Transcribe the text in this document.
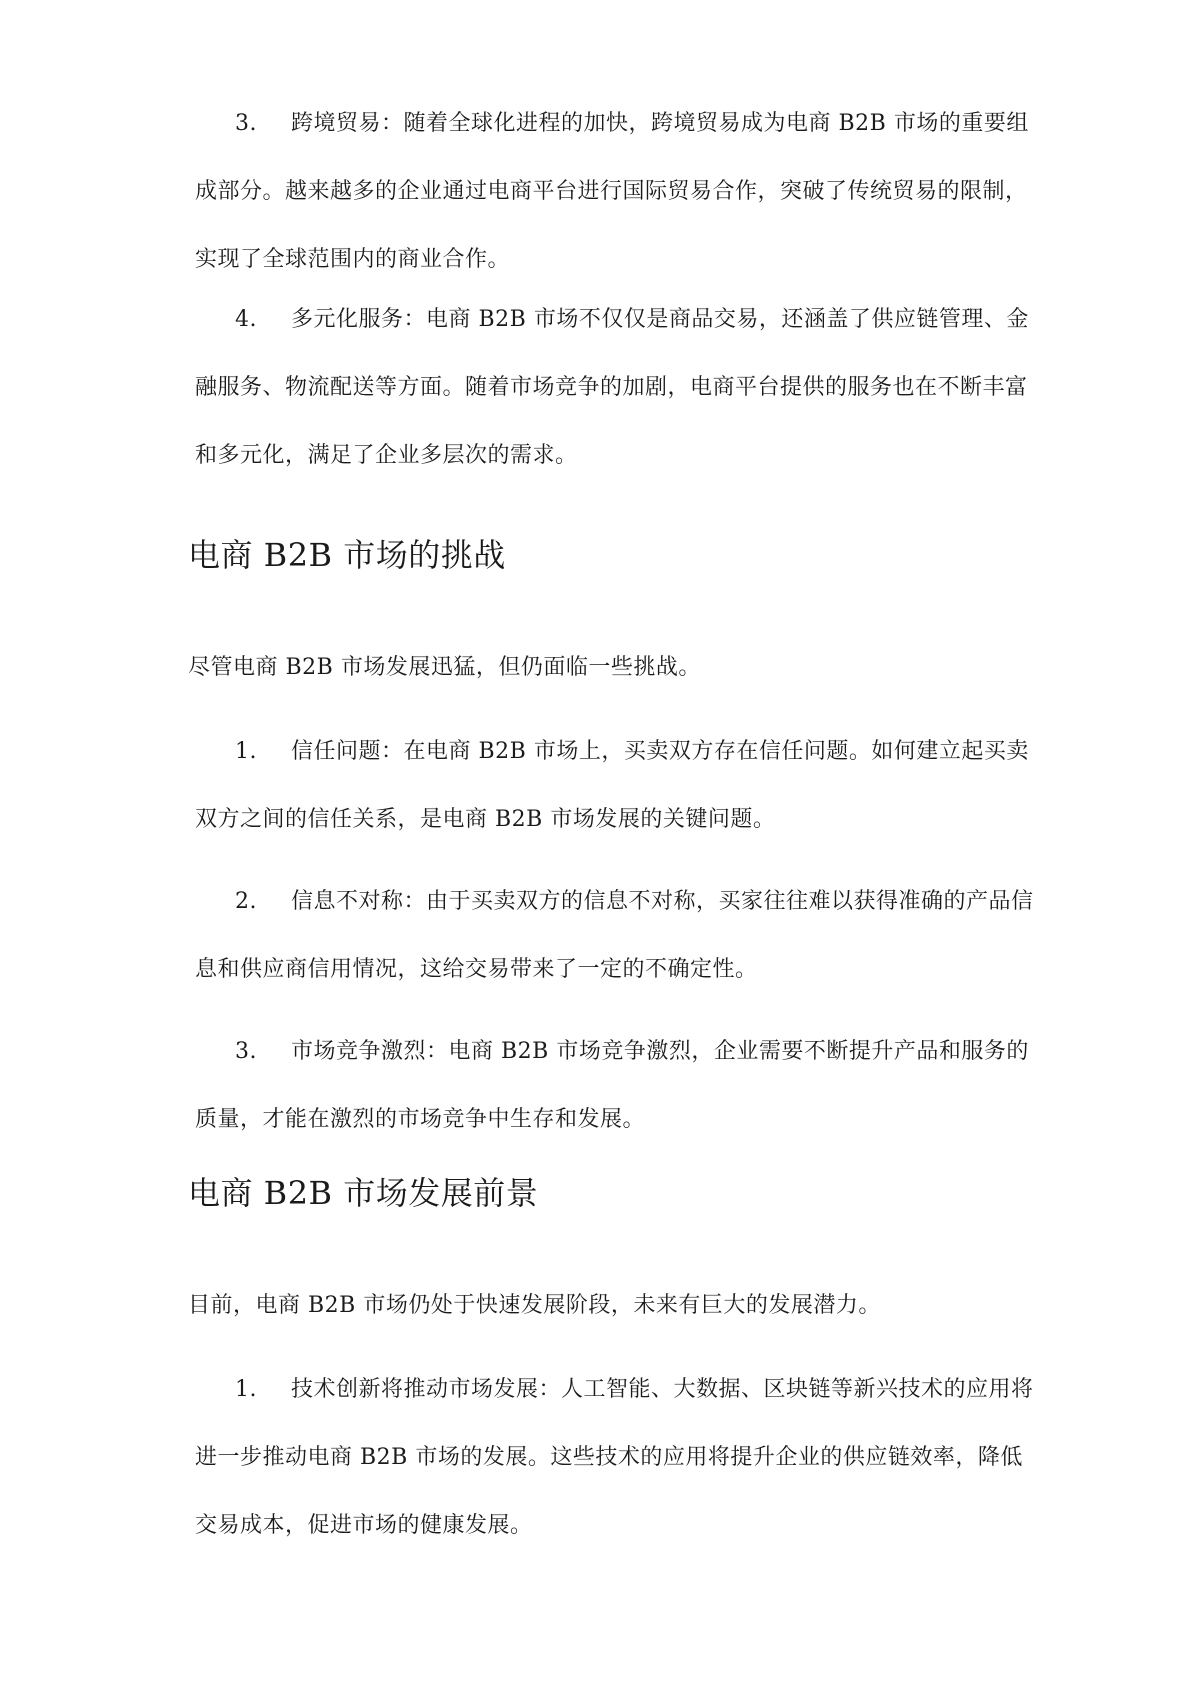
3. 跨境贸易：随着全球化进程的加快，跨境贸易成为电商 B2B 市场的重要组成部分。越来越多的企业通过电商平台进行国际贸易合作，突破了传统贸易的限制，实现了全球范围内的商业合作。
4. 多元化服务：电商 B2B 市场不仅仅是商品交易，还涵盖了供应链管理、金融服务、物流配送等方面。随着市场竞争的加剧，电商平台提供的服务也在不断丰富和多元化，满足了企业多层次的需求。
电商 B2B 市场的挑战

尽管电商 B2B 市场发展迅猛，但仍面临一些挑战。

1. 信任问题：在电商 B2B 市场上，买卖双方存在信任问题。如何建立起买卖双方之间的信任关系，是电商 B2B 市场发展的关键问题。
2. 信息不对称：由于买卖双方的信息不对称，买家往往难以获得准确的产品信息和供应商信用情况，这给交易带来了一定的不确定性。
3. 市场竞争激烈：电商 B2B 市场竞争激烈，企业需要不断提升产品和服务的质量，才能在激烈的市场竞争中生存和发展。
电商 B2B 市场发展前景

目前，电商 B2B 市场仍处于快速发展阶段，未来有巨大的发展潜力。

1. 技术创新将推动市场发展：人工智能、大数据、区块链等新兴技术的应用将进一步推动电商 B2B 市场的发展。这些技术的应用将提升企业的供应链效率，降低交易成本，促进市场的健康发展。
